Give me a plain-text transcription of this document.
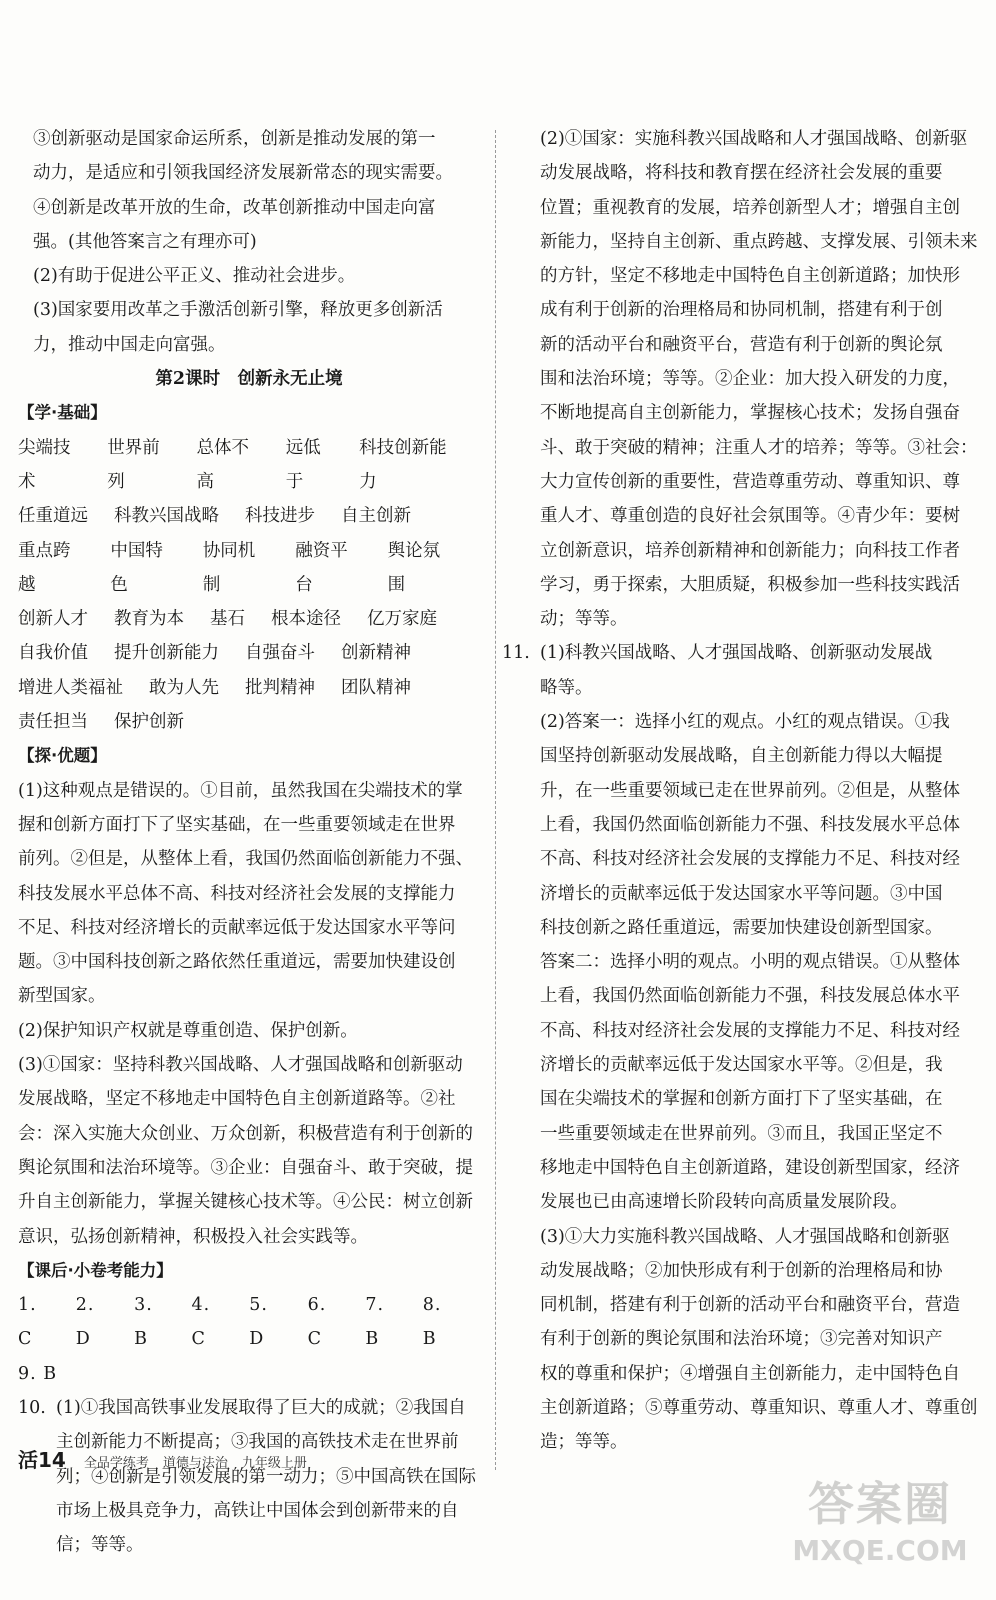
③创新驱动是国家命运所系，创新是推动发展的第一

动力，是适应和引领我国经济发展新常态的现实需要。

④创新是改革开放的生命，改革创新推动中国走向富

强。(其他答案言之有理亦可)

(2)有助于促进公平正义、推动社会进步。

(3)国家要用改革之手激活创新引擎，释放更多创新活

力，推动中国走向富强。

第2课时　创新永无止境

【学·基础】

尖端技术
世界前列
总体不高
远低于
科技创新能力
任重道远 科教兴国战略 科技进步 自主创新
重点跨越
中国特色
协同机制
融资平台
舆论氛围
创新人才 教育为本 基石 根本途径 亿万家庭
自我价值 提升创新能力 自强奋斗 创新精神
增进人类福祉 敢为人先 批判精神 团队精神
责任担当 保护创新

【探·优题】

(1)这种观点是错误的。①目前，虽然我国在尖端技术的掌

握和创新方面打下了坚实基础，在一些重要领域走在世界

前列。②但是，从整体上看，我国仍然面临创新能力不强、

科技发展水平总体不高、科技对经济社会发展的支撑能力

不足、科技对经济增长的贡献率远低于发达国家水平等问

题。③中国科技创新之路依然任重道远，需要加快建设创

新型国家。

(2)保护知识产权就是尊重创造、保护创新。

(3)①国家：坚持科教兴国战略、人才强国战略和创新驱动

发展战略，坚定不移地走中国特色自主创新道路等。②社

会：深入实施大众创业、万众创新，积极营造有利于创新的

舆论氛围和法治环境等。③企业：自强奋斗、敢于突破，提

升自主创新能力，掌握关键核心技术等。④公民：树立创新

意识，弘扬创新精神，积极投入社会实践等。

【课后·小卷考能力】

1. C
2. D
3. B
4. C
5. D
6. C
7. B
8. B
9. B

10. (1)①我国高铁事业发展取得了巨大的成就；②我国自

主创新能力不断提高；③我国的高铁技术走在世界前

列；④创新是引领发展的第一动力；⑤中国高铁在国际

市场上极具竞争力，高铁让中国体会到创新带来的自

信；等等。

(2)①国家：实施科教兴国战略和人才强国战略、创新驱

动发展战略，将科技和教育摆在经济社会发展的重要

位置；重视教育的发展，培养创新型人才；增强自主创

新能力，坚持自主创新、重点跨越、支撑发展、引领未来

的方针，坚定不移地走中国特色自主创新道路；加快形

成有利于创新的治理格局和协同机制，搭建有利于创

新的活动平台和融资平台，营造有利于创新的舆论氛

围和法治环境；等等。②企业：加大投入研发的力度，

不断地提高自主创新能力，掌握核心技术；发扬自强奋

斗、敢于突破的精神；注重人才的培养；等等。③社会：

大力宣传创新的重要性，营造尊重劳动、尊重知识、尊

重人才、尊重创造的良好社会氛围等。④青少年：要树

立创新意识，培养创新精神和创新能力；向科技工作者

学习，勇于探索，大胆质疑，积极参加一些科技实践活

动；等等。

11. (1)科教兴国战略、人才强国战略、创新驱动发展战

略等。

(2)答案一：选择小红的观点。小红的观点错误。①我

国坚持创新驱动发展战略，自主创新能力得以大幅提

升，在一些重要领域已走在世界前列。②但是，从整体

上看，我国仍然面临创新能力不强、科技发展水平总体

不高、科技对经济社会发展的支撑能力不足、科技对经

济增长的贡献率远低于发达国家水平等问题。③中国

科技创新之路任重道远，需要加快建设创新型国家。

答案二：选择小明的观点。小明的观点错误。①从整体

上看，我国仍然面临创新能力不强，科技发展总体水平

不高、科技对经济社会发展的支撑能力不足、科技对经

济增长的贡献率远低于发达国家水平等。②但是，我

国在尖端技术的掌握和创新方面打下了坚实基础，在

一些重要领域走在世界前列。③而且，我国正坚定不

移地走中国特色自主创新道路，建设创新型国家，经济

发展也已由高速增长阶段转向高质量发展阶段。

(3)①大力实施科教兴国战略、人才强国战略和创新驱

动发展战略；②加快形成有利于创新的治理格局和协

同机制，搭建有利于创新的活动平台和融资平台，营造

有利于创新的舆论氛围和法治环境；③完善对知识产

权的尊重和保护；④增强自主创新能力，走中国特色自

主创新道路；⑤尊重劳动、尊重知识、尊重人才、尊重创

造；等等。

活14 全品学练考 道德与法治 九年级上册
答案圈
MXQE.COM
